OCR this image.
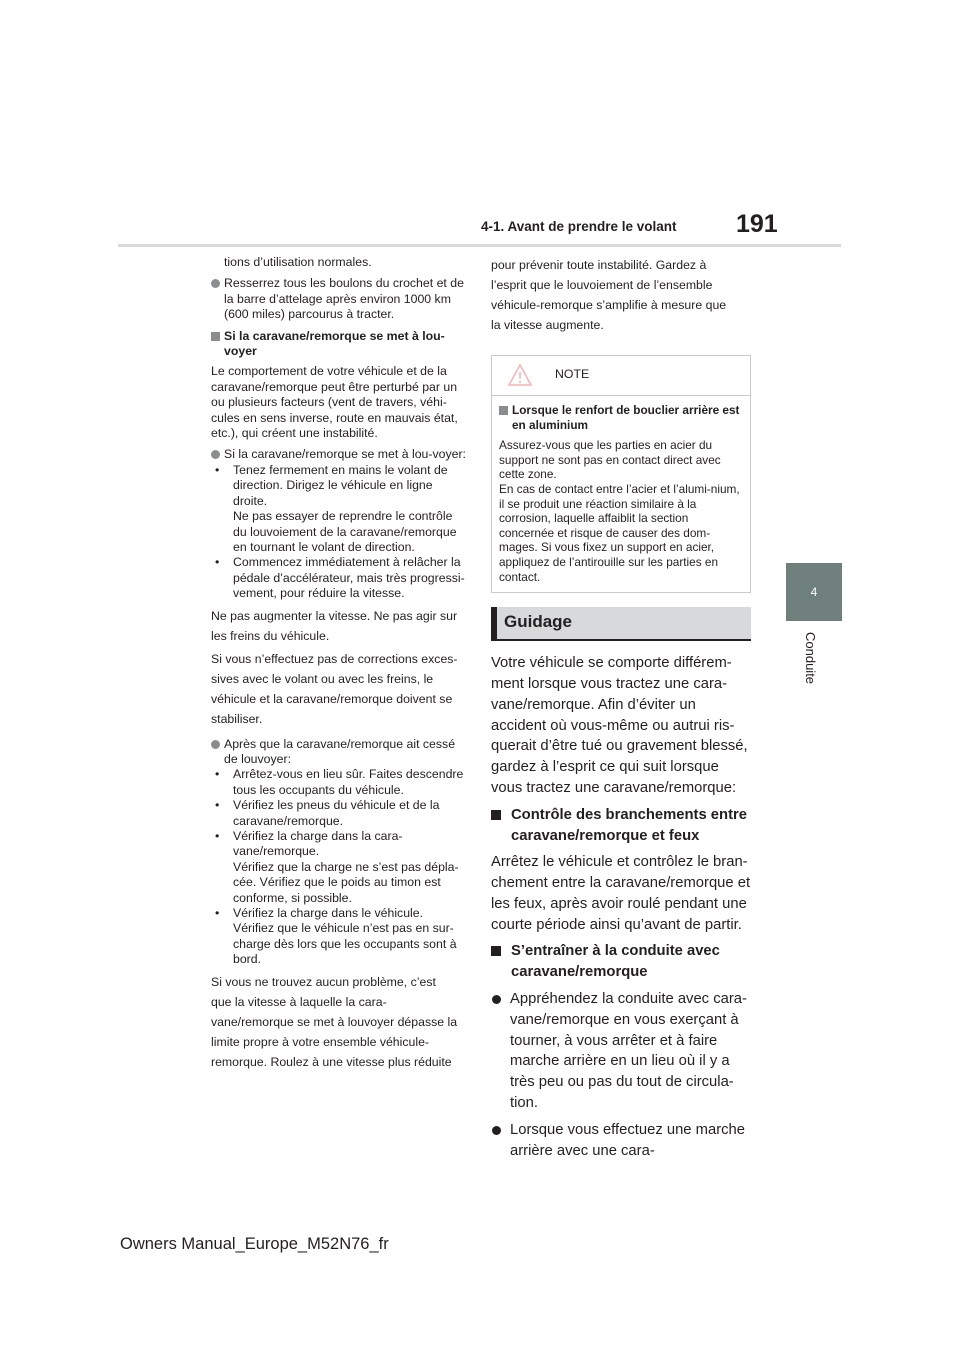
4-1. Avant de prendre le volant 191
4
Conduite
tions d’utilisation normales.
Resserrez tous les boulons du crochet et de la barre d’attelage après environ 1000 km (600 miles) parcourus à tracter.
Si la caravane/remorque se met à lou-voyer
Le comportement de votre véhicule et de la caravane/remorque peut être perturbé par un ou plusieurs facteurs (vent de travers, véhi-cules en sens inverse, route en mauvais état, etc.), qui créent une instabilité.
Si la caravane/remorque se met à lou-voyer:
• Tenez fermement en mains le volant de direction. Dirigez le véhicule en ligne droite.
Ne pas essayer de reprendre le contrôle du louvoiement de la caravane/remorque en tournant le volant de direction.
•	Commencez immédiatement à relâcher la pédale d’accélérateur, mais très progressi-vement, pour réduire la vitesse.
Ne pas augmenter la vitesse. Ne pas agir sur
les freins du véhicule.
Si vous n’effectuez pas de corrections exces-
sives avec le volant ou avec les freins, le
véhicule et la caravane/remorque doivent se
stabiliser.
Après que la caravane/remorque ait cessé de louvoyer:
•	Arrêtez-vous en lieu sûr. Faites descendre tous les occupants du véhicule.
•	Vérifiez les pneus du véhicule et de la caravane/remorque.
• Vérifiez la charge dans la cara-vane/remorque.
Vérifiez que la charge ne s’est pas dépla-cée. Vérifiez que le poids au timon est conforme, si possible.
• Vérifiez la charge dans le véhicule.
Vérifiez que le véhicule n’est pas en sur-charge dès lors que les occupants sont à bord.
Si vous ne trouvez aucun problème, c’est
que la vitesse à laquelle la cara-
vane/remorque se met à louvoyer dépasse la
limite propre à votre ensemble véhicule-
remorque. Roulez à une vitesse plus réduite
pour prévenir toute instabilité. Gardez à
l’esprit que le louvoiement de l’ensemble
véhicule-remorque s’amplifie à mesure que
la vitesse augmente.
NOTE
Lorsque le renfort de bouclier arrière est en aluminium
Assurez-vous que les parties en acier du support ne sont pas en contact direct avec cette zone.
En cas de contact entre l’acier et l’alumi-nium, il se produit une réaction similaire à la corrosion, laquelle affaiblit la section concernée et risque de causer des dom-mages. Si vous fixez un support en acier, appliquez de l’antirouille sur les parties en contact.
Guidage
Votre véhicule se comporte différem-ment lorsque vous tractez une cara-vane/remorque. Afin d’éviter un accident où vous-même ou autrui ris-querait d’être tué ou gravement blessé, gardez à l’esprit ce qui suit lorsque vous tractez une caravane/remorque:
Contrôle des branchements entre caravane/remorque et feux
Arrêtez le véhicule et contrôlez le bran-chement entre la caravane/remorque et les feux, après avoir roulé pendant une courte période ainsi qu’avant de partir.
S’entraîner à la conduite avec caravane/remorque
Appréhendez la conduite avec cara-vane/remorque en vous exerçant à tourner, à vous arrêter et à faire marche arrière en un lieu où il y a très peu ou pas du tout de circula-tion.
Lorsque vous effectuez une marche arrière avec une cara-
Owners Manual_Europe_M52N76_fr
